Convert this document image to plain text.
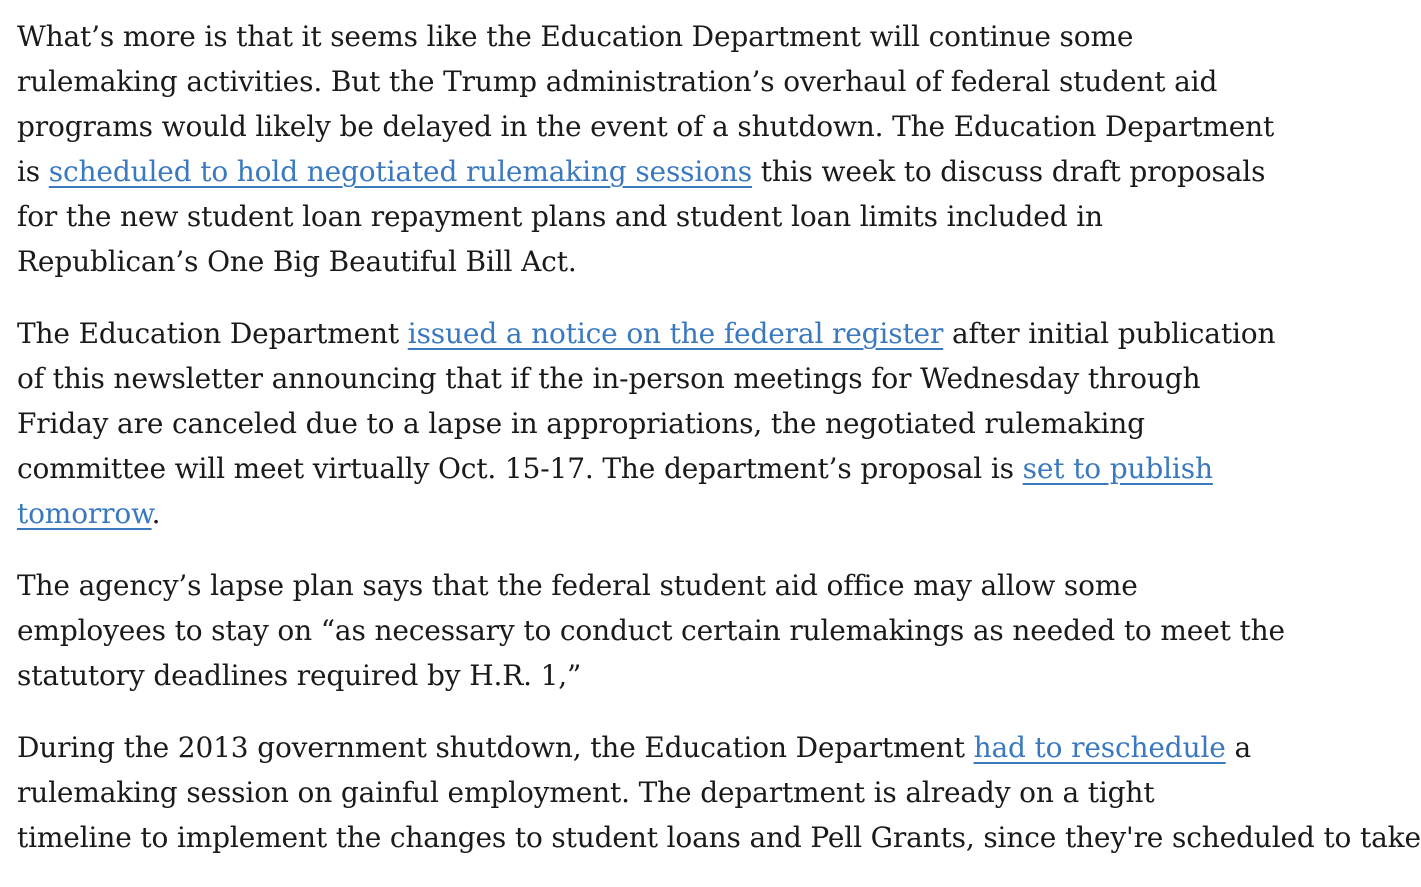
What’s more is that it seems like the Education Department will continue some
rulemaking activities. But the Trump administration’s overhaul of federal student aid
programs would likely be delayed in the event of a shutdown. The Education Department
is scheduled to hold negotiated rulemaking sessions this week to discuss draft proposals
for the new student loan repayment plans and student loan limits included in
Republican’s One Big Beautiful Bill Act.

The Education Department issued a notice on the federal register after initial publication
of this newsletter announcing that if the in-person meetings for Wednesday through
Friday are canceled due to a lapse in appropriations, the negotiated rulemaking
committee will meet virtually Oct. 15-17. The department’s proposal is set to publish
tomorrow.

The agency’s lapse plan says that the federal student aid office may allow some
employees to stay on “as necessary to conduct certain rulemakings as needed to meet the
statutory deadlines required by H.R. 1,”

During the 2013 government shutdown, the Education Department had to reschedule a
rulemaking session on gainful employment. The department is already on a tight
timeline to implement the changes to student loans and Pell Grants, since they're scheduled to take
